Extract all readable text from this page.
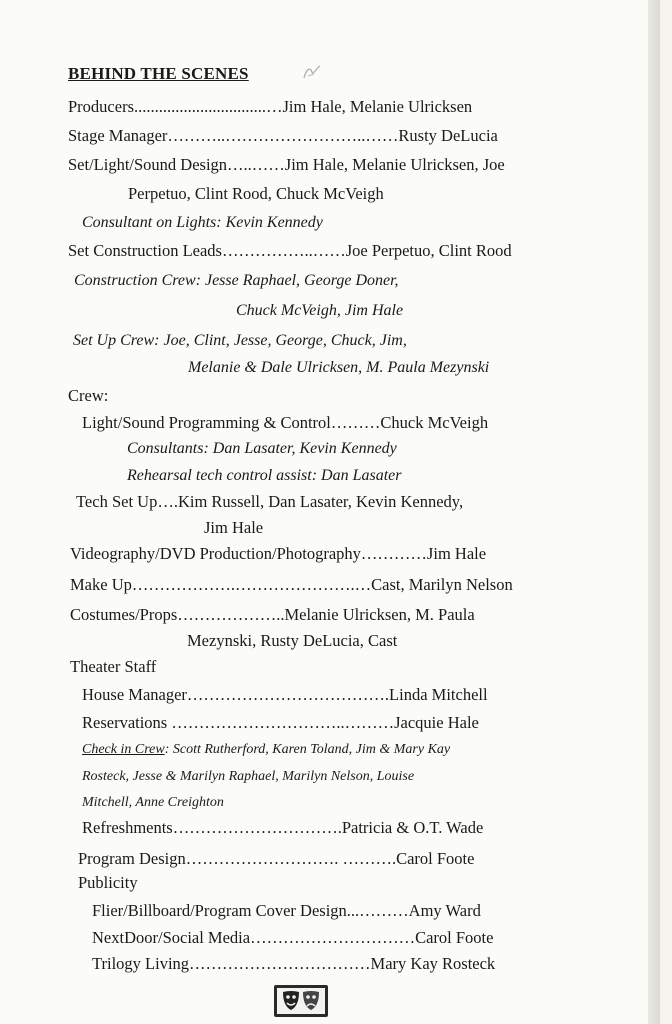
BEHIND THE SCENES
Producers................................…Jim Hale, Melanie Ulricksen
Stage Manager………..……………………..……Rusty DeLucia
Set/Light/Sound Design…..……Jim Hale, Melanie Ulricksen, Joe
Perpetuo, Clint Rood, Chuck McVeigh
Consultant on Lights: Kevin Kennedy
Set Construction Leads……………..……Joe Perpetuo, Clint Rood
Construction Crew: Jesse Raphael, George Doner,
Chuck McVeigh, Jim Hale
Set Up Crew: Joe, Clint, Jesse, George, Chuck, Jim,
Melanie & Dale Ulricksen, M. Paula Mezynski
Crew:
Light/Sound Programming & Control………Chuck McVeigh
Consultants: Dan Lasater, Kevin Kennedy
Rehearsal tech control assist: Dan Lasater
Tech Set Up….Kim Russell, Dan Lasater, Kevin Kennedy,
Jim Hale
Videography/DVD Production/Photography…………Jim Hale
Make Up……………….………………….…Cast, Marilyn Nelson
Costumes/Props………………..Melanie Ulricksen, M. Paula
Mezynski, Rusty DeLucia, Cast
Theater Staff
House Manager……………………………….Linda Mitchell
Reservations …………………………..………Jacquie Hale
Check in Crew: Scott Rutherford, Karen Toland, Jim & Mary Kay
Rosteck, Jesse & Marilyn Raphael, Marilyn Nelson, Louise
Mitchell, Anne Creighton
Refreshments………………………….Patricia & O.T. Wade
Program Design………………………. ……….Carol Foote
Publicity
Flier/Billboard/Program Cover Design...………Amy Ward
NextDoor/Social Media…………………………Carol Foote
Trilogy Living……………………………Mary Kay Rosteck
